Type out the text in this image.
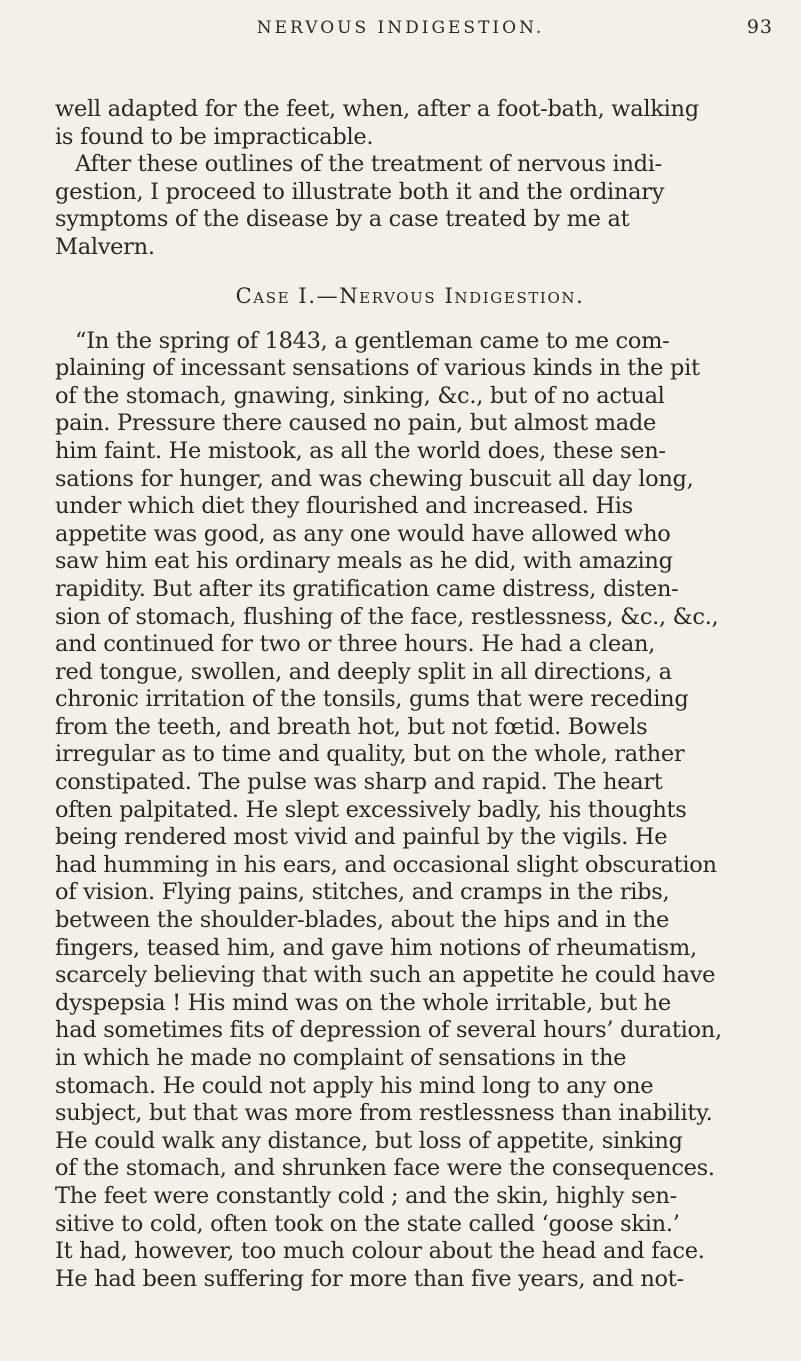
NERVOUS INDIGESTION.	93
well adapted for the feet, when, after a foot-bath, walking
is found to be impracticable.
After these outlines of the treatment of nervous indi-
gestion, I proceed to illustrate both it and the ordinary
symptoms of the disease by a case treated by me at
Malvern.
Case I.—Nervous Indigestion.
“In the spring of 1843, a gentleman came to me com-
plaining of incessant sensations of various kinds in the pit
of the stomach, gnawing, sinking, &c., but of no actual
pain. Pressure there caused no pain, but almost made
him faint. He mistook, as all the world does, these sen-
sations for hunger, and was chewing buscuit all day long,
under which diet they flourished and increased. His
appetite was good, as any one would have allowed who
saw him eat his ordinary meals as he did, with amazing
rapidity. But after its gratification came distress, disten-
sion of stomach, flushing of the face, restlessness, &c., &c.,
and continued for two or three hours. He had a clean,
red tongue, swollen, and deeply split in all directions, a
chronic irritation of the tonsils, gums that were receding
from the teeth, and breath hot, but not fœtid. Bowels
irregular as to time and quality, but on the whole, rather
constipated. The pulse was sharp and rapid. The heart
often palpitated. He slept excessively badly, his thoughts
being rendered most vivid and painful by the vigils. He
had humming in his ears, and occasional slight obscuration
of vision. Flying pains, stitches, and cramps in the ribs,
between the shoulder-blades, about the hips and in the
fingers, teased him, and gave him notions of rheumatism,
scarcely believing that with such an appetite he could have
dyspepsia ! His mind was on the whole irritable, but he
had sometimes fits of depression of several hours’ duration,
in which he made no complaint of sensations in the
stomach. He could not apply his mind long to any one
subject, but that was more from restlessness than inability.
He could walk any distance, but loss of appetite, sinking
of the stomach, and shrunken face were the consequences.
The feet were constantly cold ; and the skin, highly sen-
sitive to cold, often took on the state called ‘goose skin.’
It had, however, too much colour about the head and face.
He had been suffering for more than five years, and not-
